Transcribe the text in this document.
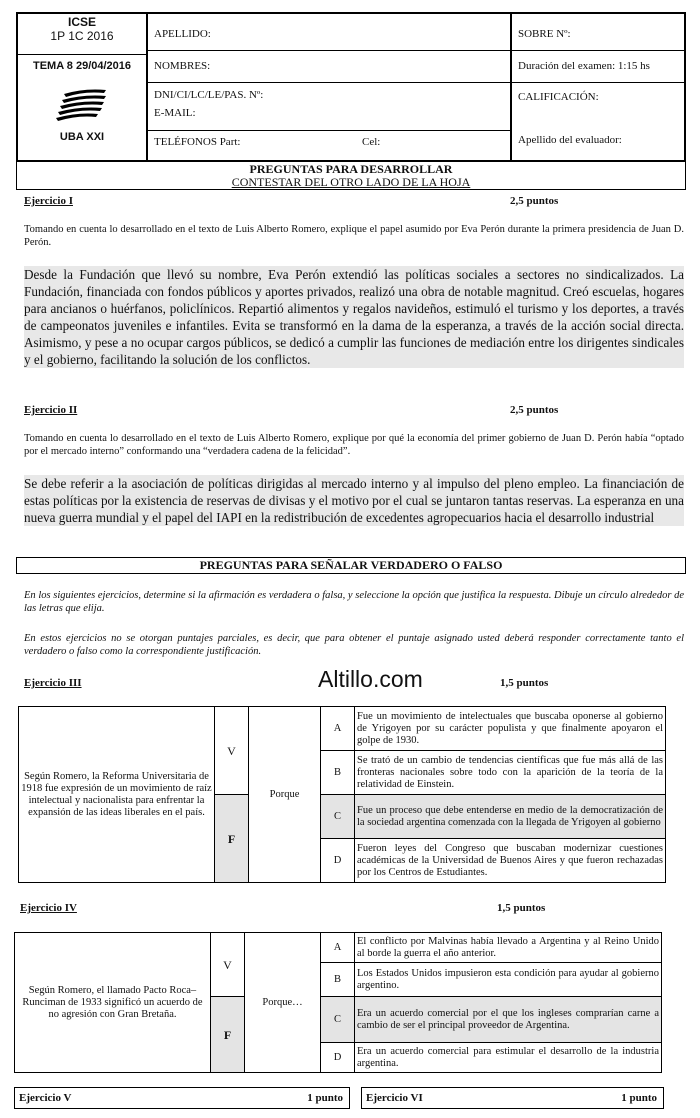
ICSE
1P 1C 2016
TEMA 8 29/04/2016
UBA XXI
APELLIDO:
NOMBRES:
DNI/CI/LC/LE/PAS. Nº:
E-MAIL:
TELÉFONOS Part:	Cel:
SOBRE Nº:
Duración del examen: 1:15 hs
CALIFICACIÓN:
Apellido del evaluador:
PREGUNTAS PARA DESARROLLAR
CONTESTAR DEL OTRO LADO DE LA HOJA
Ejercicio I	2,5 puntos
Tomando en cuenta lo desarrollado en el texto de Luis Alberto Romero, explique el papel asumido por Eva Perón durante la primera presidencia de Juan D. Perón.
Desde la Fundación que llevó su nombre, Eva Perón extendió las políticas sociales a sectores no sindicalizados. La Fundación, financiada con fondos públicos y aportes privados, realizó una obra de notable magnitud. Creó escuelas, hogares para ancianos o huérfanos, policlínicos. Repartió alimentos y regalos navideños, estimuló el turismo y los deportes, a través de campeonatos juveniles e infantiles. Evita se transformó en la dama de la esperanza, a través de la acción social directa. Asimismo, y pese a no ocupar cargos públicos, se dedicó a cumplir las funciones de mediación entre los dirigentes sindicales y el gobierno, facilitando la solución de los conflictos.
Ejercicio II	2,5 puntos
Tomando en cuenta lo desarrollado en el texto de Luis Alberto Romero, explique por qué la economía del primer gobierno de Juan D. Perón había “optado por el mercado interno” conformando una “verdadera cadena de la felicidad”.
Se debe referir a la asociación de políticas dirigidas al mercado interno y al impulso del pleno empleo. La financiación de estas políticas por la existencia de reservas de divisas y el motivo por el cual se juntaron tantas reservas. La esperanza en una nueva guerra mundial y el papel del IAPI en la redistribución de excedentes agropecuarios hacia el desarrollo industrial
PREGUNTAS PARA SEÑALAR VERDADERO O FALSO
En los siguientes ejercicios, determine si la afirmación es verdadera o falsa, y seleccione la opción que justifica la respuesta. Dibuje un círculo alrededor de las letras que elija.
En estos ejercicios no se otorgan puntajes parciales, es decir, que para obtener el puntaje asignado usted deberá responder correctamente tanto el verdadero o falso como la correspondiente justificación.
Ejercicio III	Altillo.com	1,5 puntos
Según Romero, la Reforma Universitaria de 1918 fue expresión de un movimiento de raíz intelectual y nacionalista para enfrentar la expansión de las ideas liberales en el país.	V	Porque	A	Fue un movimiento de intelectuales que buscaba oponerse al gobierno de Yrigoyen por su carácter populista y que finalmente apoyaron el golpe de 1930.
			B	Se trató de un cambio de tendencias científicas que fue más allá de las fronteras nacionales sobre todo con la aparición de la teoría de la relatividad de Einstein.
	F		C	Fue un proceso que debe entenderse en medio de la democratización de la sociedad argentina comenzada con la llegada de Yrigoyen al gobierno
			D	Fueron leyes del Congreso que buscaban modernizar cuestiones académicas de la Universidad de Buenos Aires y que fueron rechazadas por los Centros de Estudiantes.
Ejercicio IV	1,5 puntos
Según Romero, el llamado Pacto Roca–Runciman de 1933 significó un acuerdo de no agresión con Gran Bretaña.	V	Porque…	A	El conflicto por Malvinas había llevado a Argentina y al Reino Unido al borde la guerra el año anterior.
			B	Los Estados Unidos impusieron esta condición para ayudar al gobierno argentino.
	F		C	Era un acuerdo comercial por el que los ingleses comprarían carne a cambio de ser el principal proveedor de Argentina.
			D	Era un acuerdo comercial para estimular el desarrollo de la industria argentina.
Ejercicio V	1 punto	Ejercicio VI	1 punto
